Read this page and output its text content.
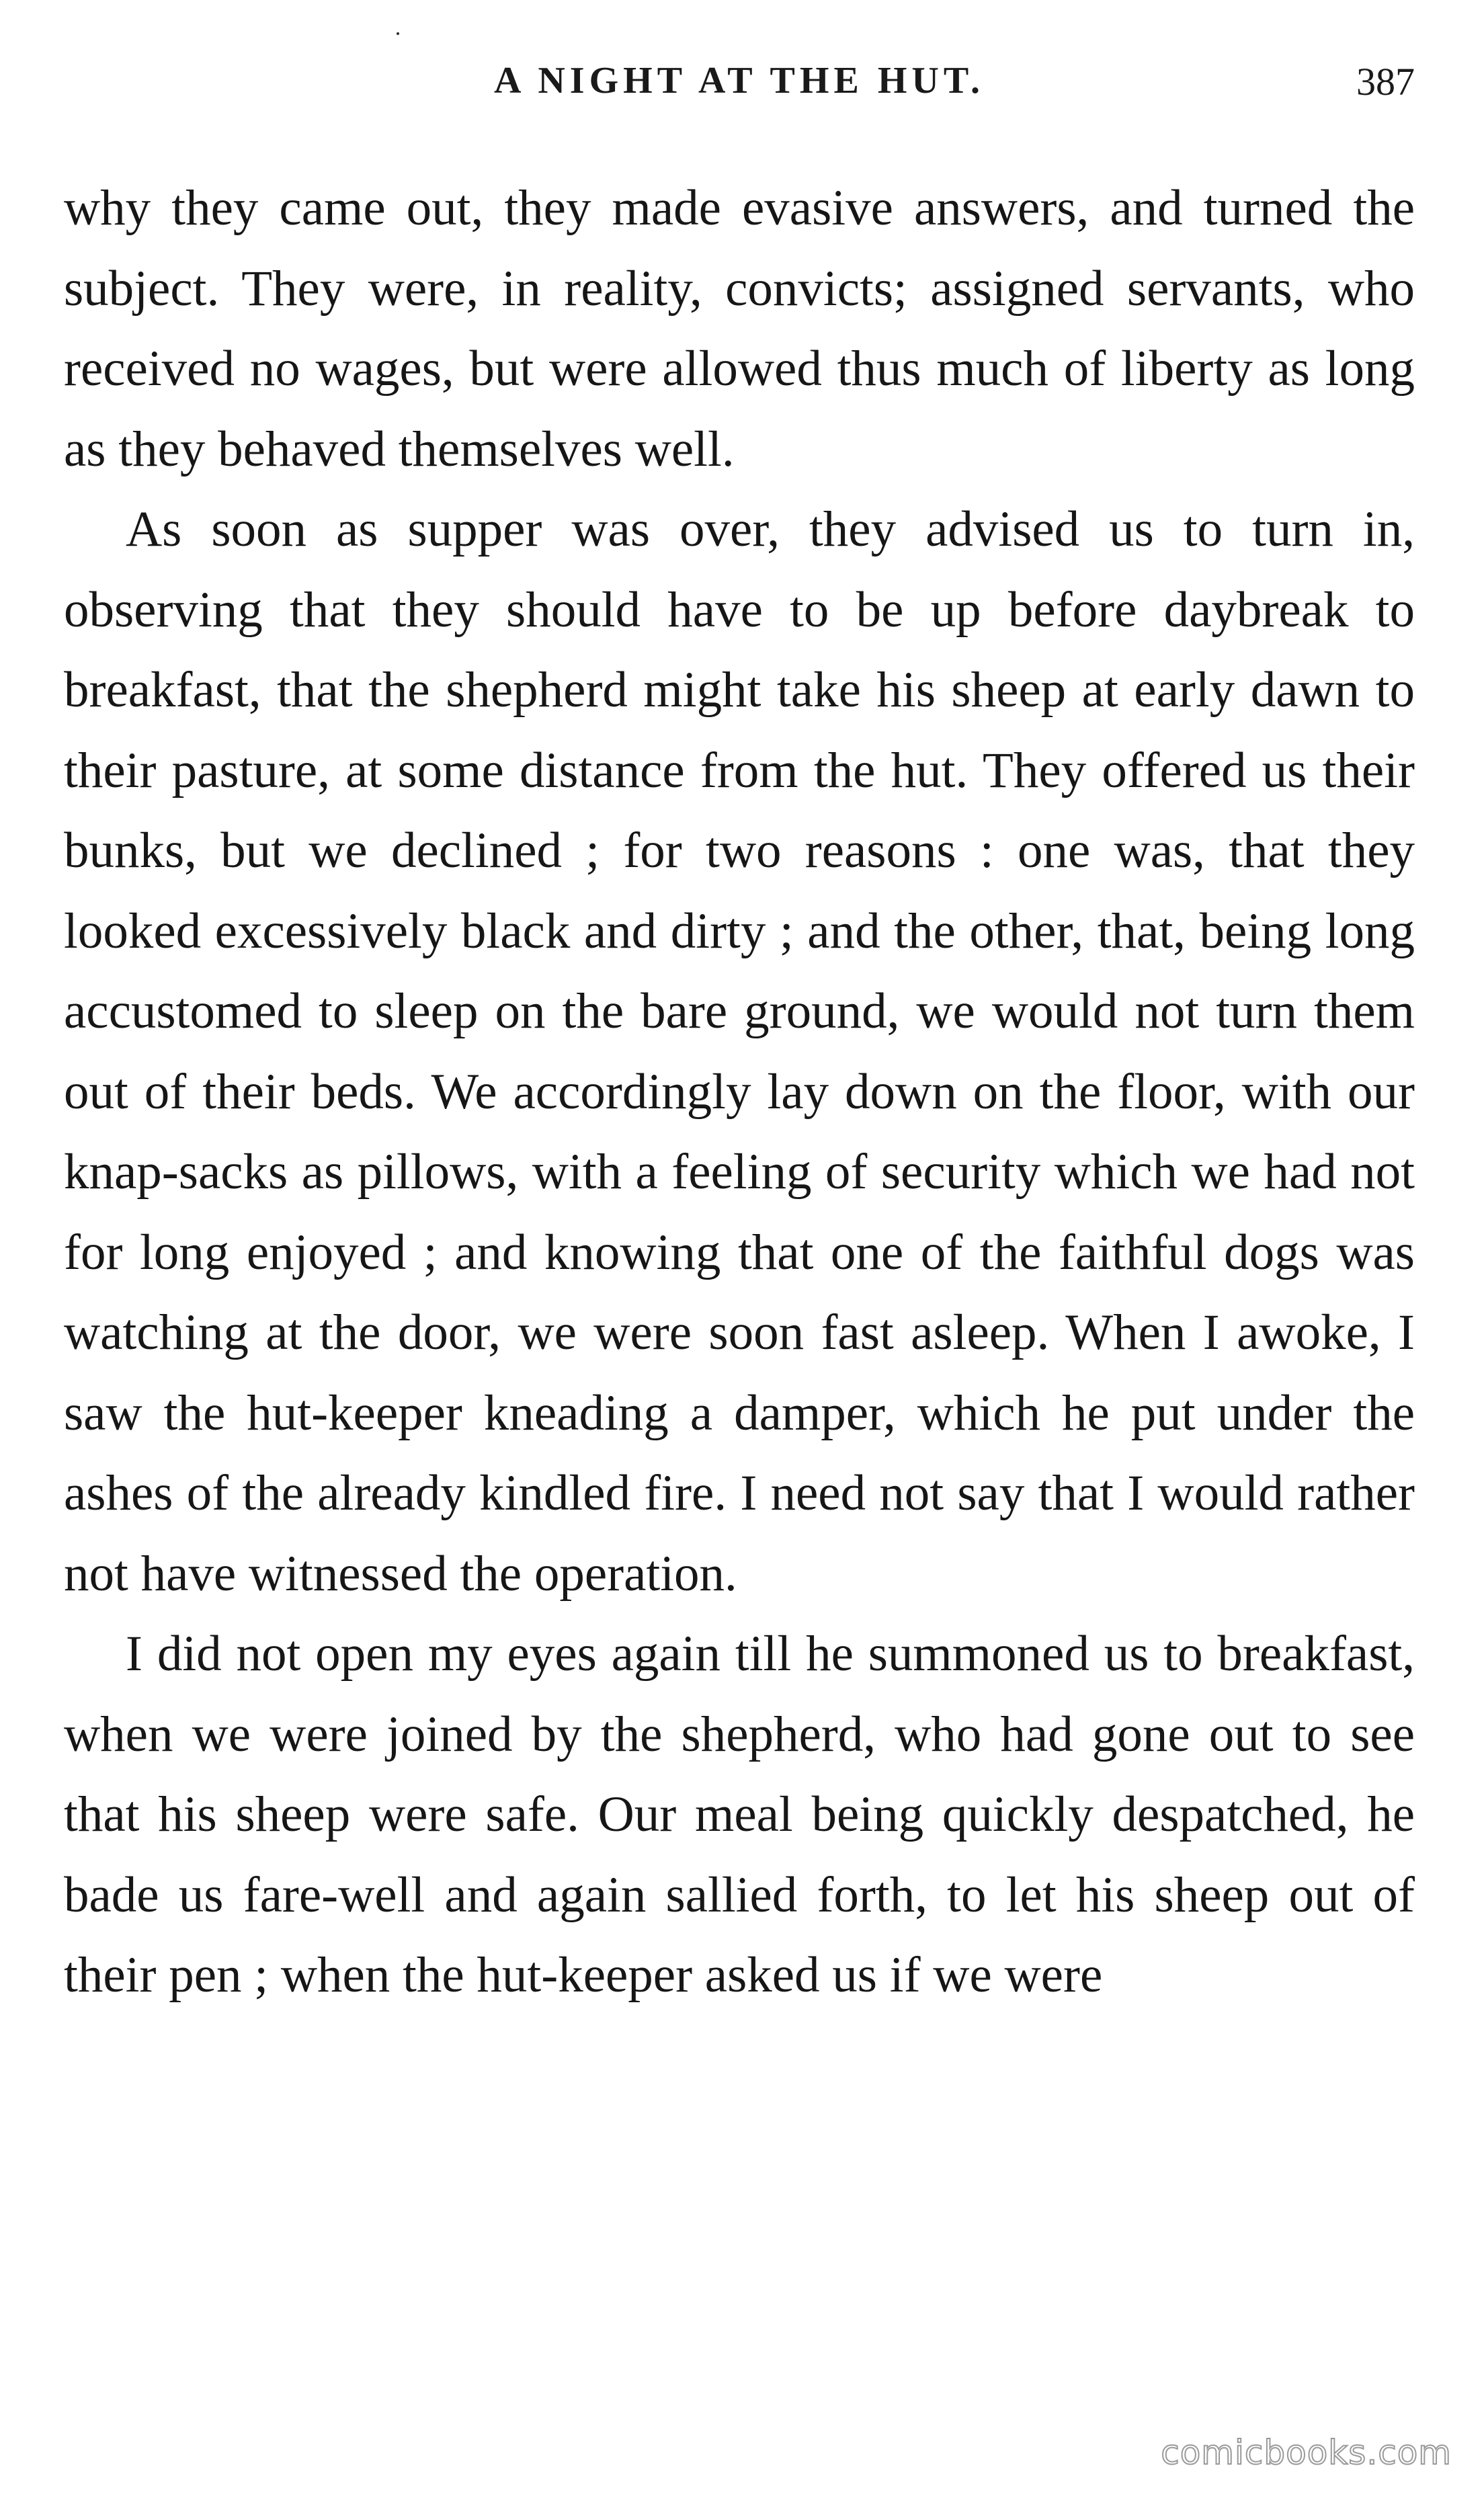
A NIGHT AT THE HUT.	387

why they came out, they made evasive answers, and turned the subject. They were, in reality, convicts; assigned servants, who received no wages, but were allowed thus much of liberty as long as they behaved themselves well.

As soon as supper was over, they advised us to turn in, observing that they should have to be up before daybreak to breakfast, that the shepherd might take his sheep at early dawn to their pasture, at some distance from the hut. They offered us their bunks, but we declined ; for two reasons : one was, that they looked excessively black and dirty ; and the other, that, being long accustomed to sleep on the bare ground, we would not turn them out of their beds. We accordingly lay down on the floor, with our knap-sacks as pillows, with a feeling of security which we had not for long enjoyed ; and knowing that one of the faithful dogs was watching at the door, we were soon fast asleep. When I awoke, I saw the hut-keeper kneading a damper, which he put under the ashes of the already kindled fire. I need not say that I would rather not have witnessed the operation.

I did not open my eyes again till he summoned us to breakfast, when we were joined by the shepherd, who had gone out to see that his sheep were safe. Our meal being quickly despatched, he bade us fare-well and again sallied forth, to let his sheep out of their pen ; when the hut-keeper asked us if we were

comicbooks.com
